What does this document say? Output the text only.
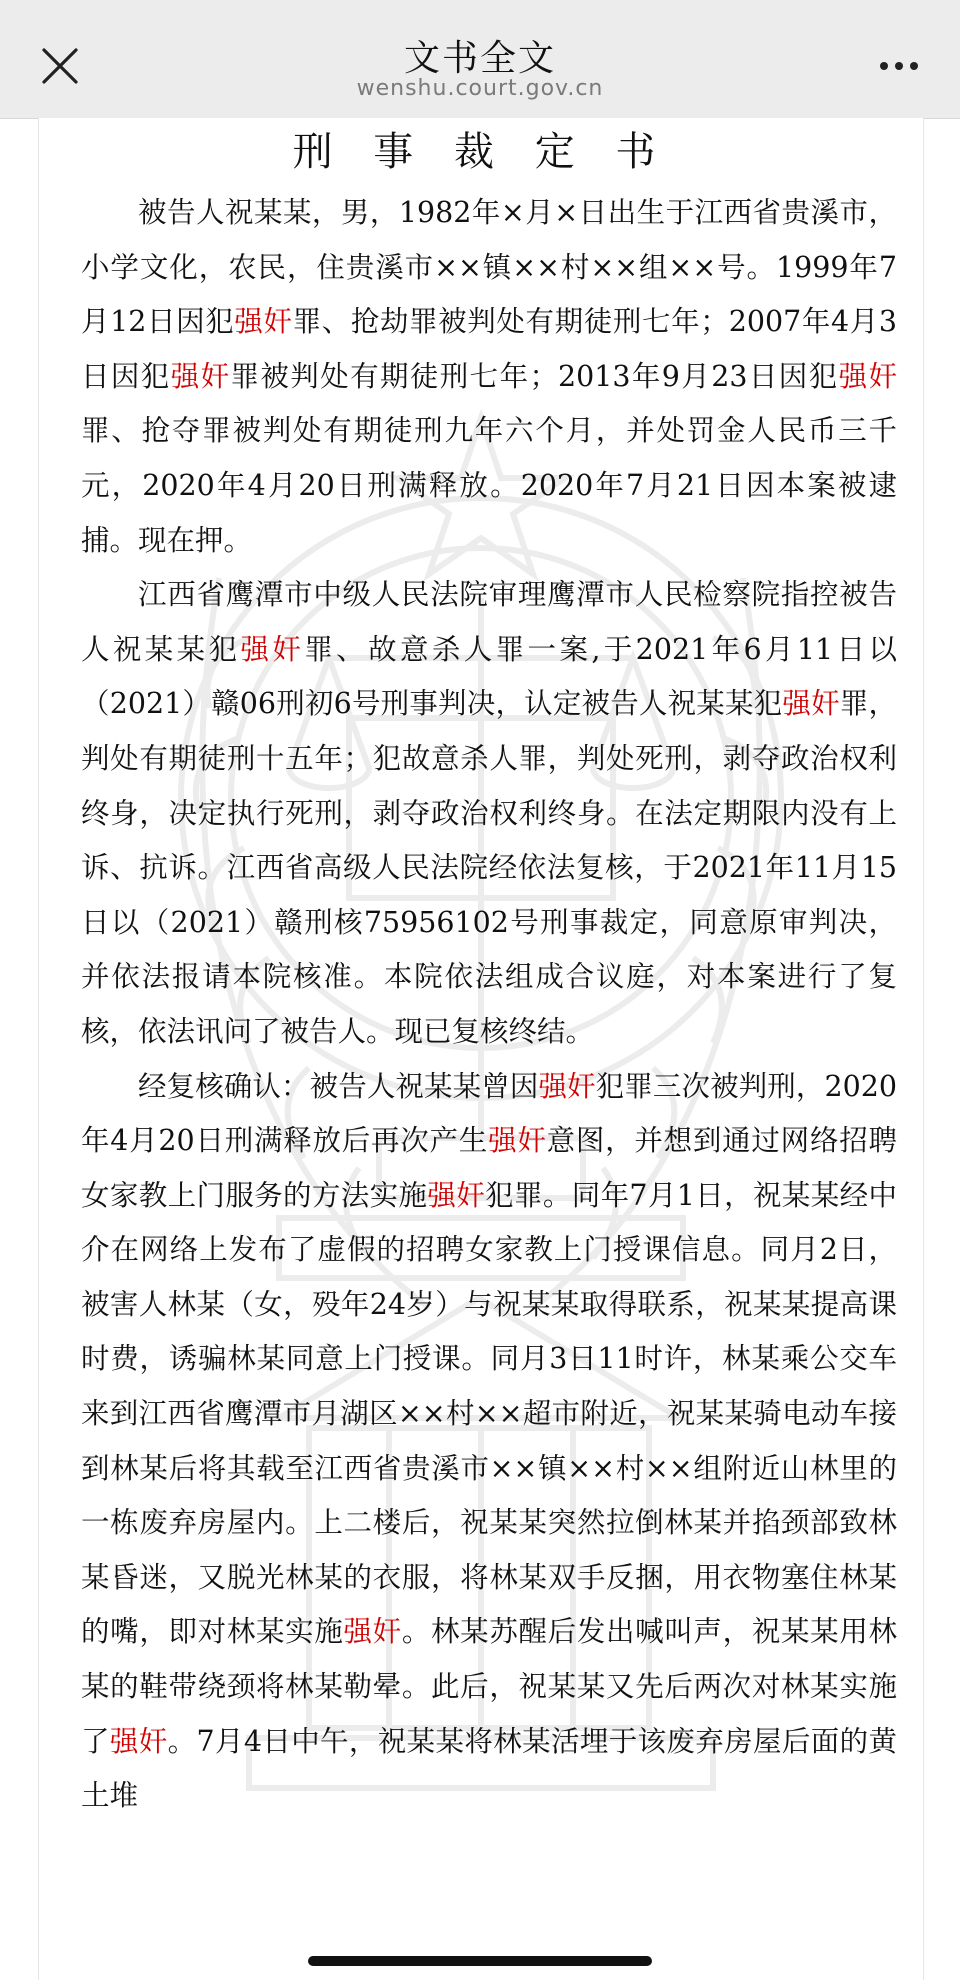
文书全文
wenshu.court.gov.cn
刑 事 裁 定 书

被告人祝某某，男，1982年×月×日出生于江西省贵溪市，小学文化，农民，住贵溪市××镇××村××组××号。1999年7月12日因犯强奸罪、抢劫罪被判处有期徒刑七年；2007年4月3日因犯强奸罪被判处有期徒刑七年；2013年9月23日因犯强奸罪、抢夺罪被判处有期徒刑九年六个月，并处罚金人民币三千元，2020年4月20日刑满释放。2020年7月21日因本案被逮捕。现在押。

江西省鹰潭市中级人民法院审理鹰潭市人民检察院指控被告人祝某某犯强奸罪、故意杀人罪一案,于2021年6月11日以（2021）赣06刑初6号刑事判决，认定被告人祝某某犯强奸罪，判处有期徒刑十五年；犯故意杀人罪，判处死刑，剥夺政治权利终身，决定执行死刑，剥夺政治权利终身。在法定期限内没有上诉、抗诉。江西省高级人民法院经依法复核，于2021年11月15日以（2021）赣刑核75956102号刑事裁定，同意原审判决，并依法报请本院核准。本院依法组成合议庭，对本案进行了复核，依法讯问了被告人。现已复核终结。

经复核确认：被告人祝某某曾因强奸犯罪三次被判刑，2020年4月20日刑满释放后再次产生强奸意图，并想到通过网络招聘女家教上门服务的方法实施强奸犯罪。同年7月1日，祝某某经中介在网络上发布了虚假的招聘女家教上门授课信息。同月2日，被害人林某（女，殁年24岁）与祝某某取得联系，祝某某提高课时费，诱骗林某同意上门授课。同月3日11时许，林某乘公交车来到江西省鹰潭市月湖区××村××超市附近，祝某某骑电动车接到林某后将其载至江西省贵溪市××镇××村××组附近山林里的一栋废弃房屋内。上二楼后，祝某某突然拉倒林某并掐颈部致林某昏迷，又脱光林某的衣服，将林某双手反捆，用衣物塞住林某的嘴，即对林某实施强奸。林某苏醒后发出喊叫声，祝某某用林某的鞋带绕颈将林某勒晕。此后，祝某某又先后两次对林某实施了强奸。7月4日中午，祝某某将林某活埋于该废弃房屋后面的黄土堆
